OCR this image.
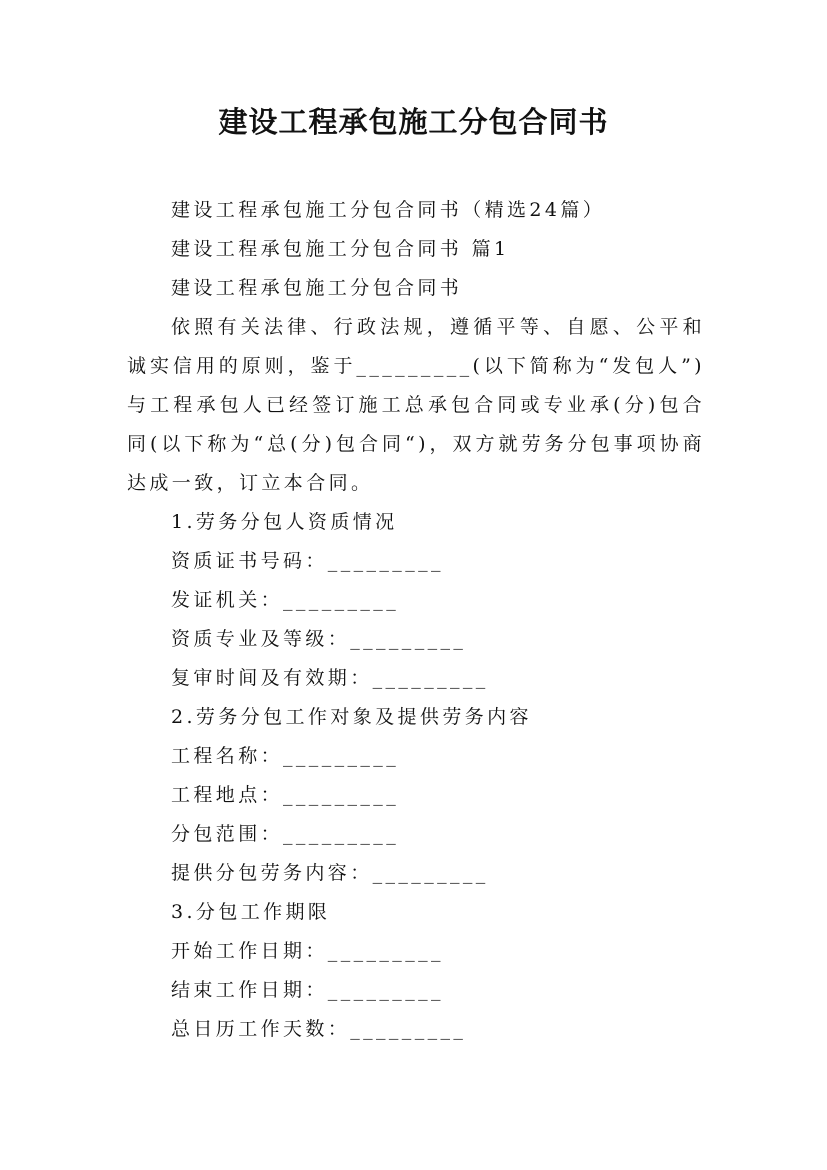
建设工程承包施工分包合同书
建设工程承包施工分包合同书（精选24篇）
建设工程承包施工分包合同书 篇1
建设工程承包施工分包合同书
依照有关法律、行政法规，遵循平等、自愿、公平和诚实信用的原则，鉴于_________(以下简称为“发包人”)与工程承包人已经签订施工总承包合同或专业承(分)包合同(以下称为“总(分)包合同“)，双方就劳务分包事项协商达成一致，订立本合同。
1.劳务分包人资质情况
资质证书号码：_________
发证机关：_________
资质专业及等级：_________
复审时间及有效期：_________
2.劳务分包工作对象及提供劳务内容
工程名称：_________
工程地点：_________
分包范围：_________
提供分包劳务内容：_________
3.分包工作期限
开始工作日期：_________
结束工作日期：_________
总日历工作天数：_________
